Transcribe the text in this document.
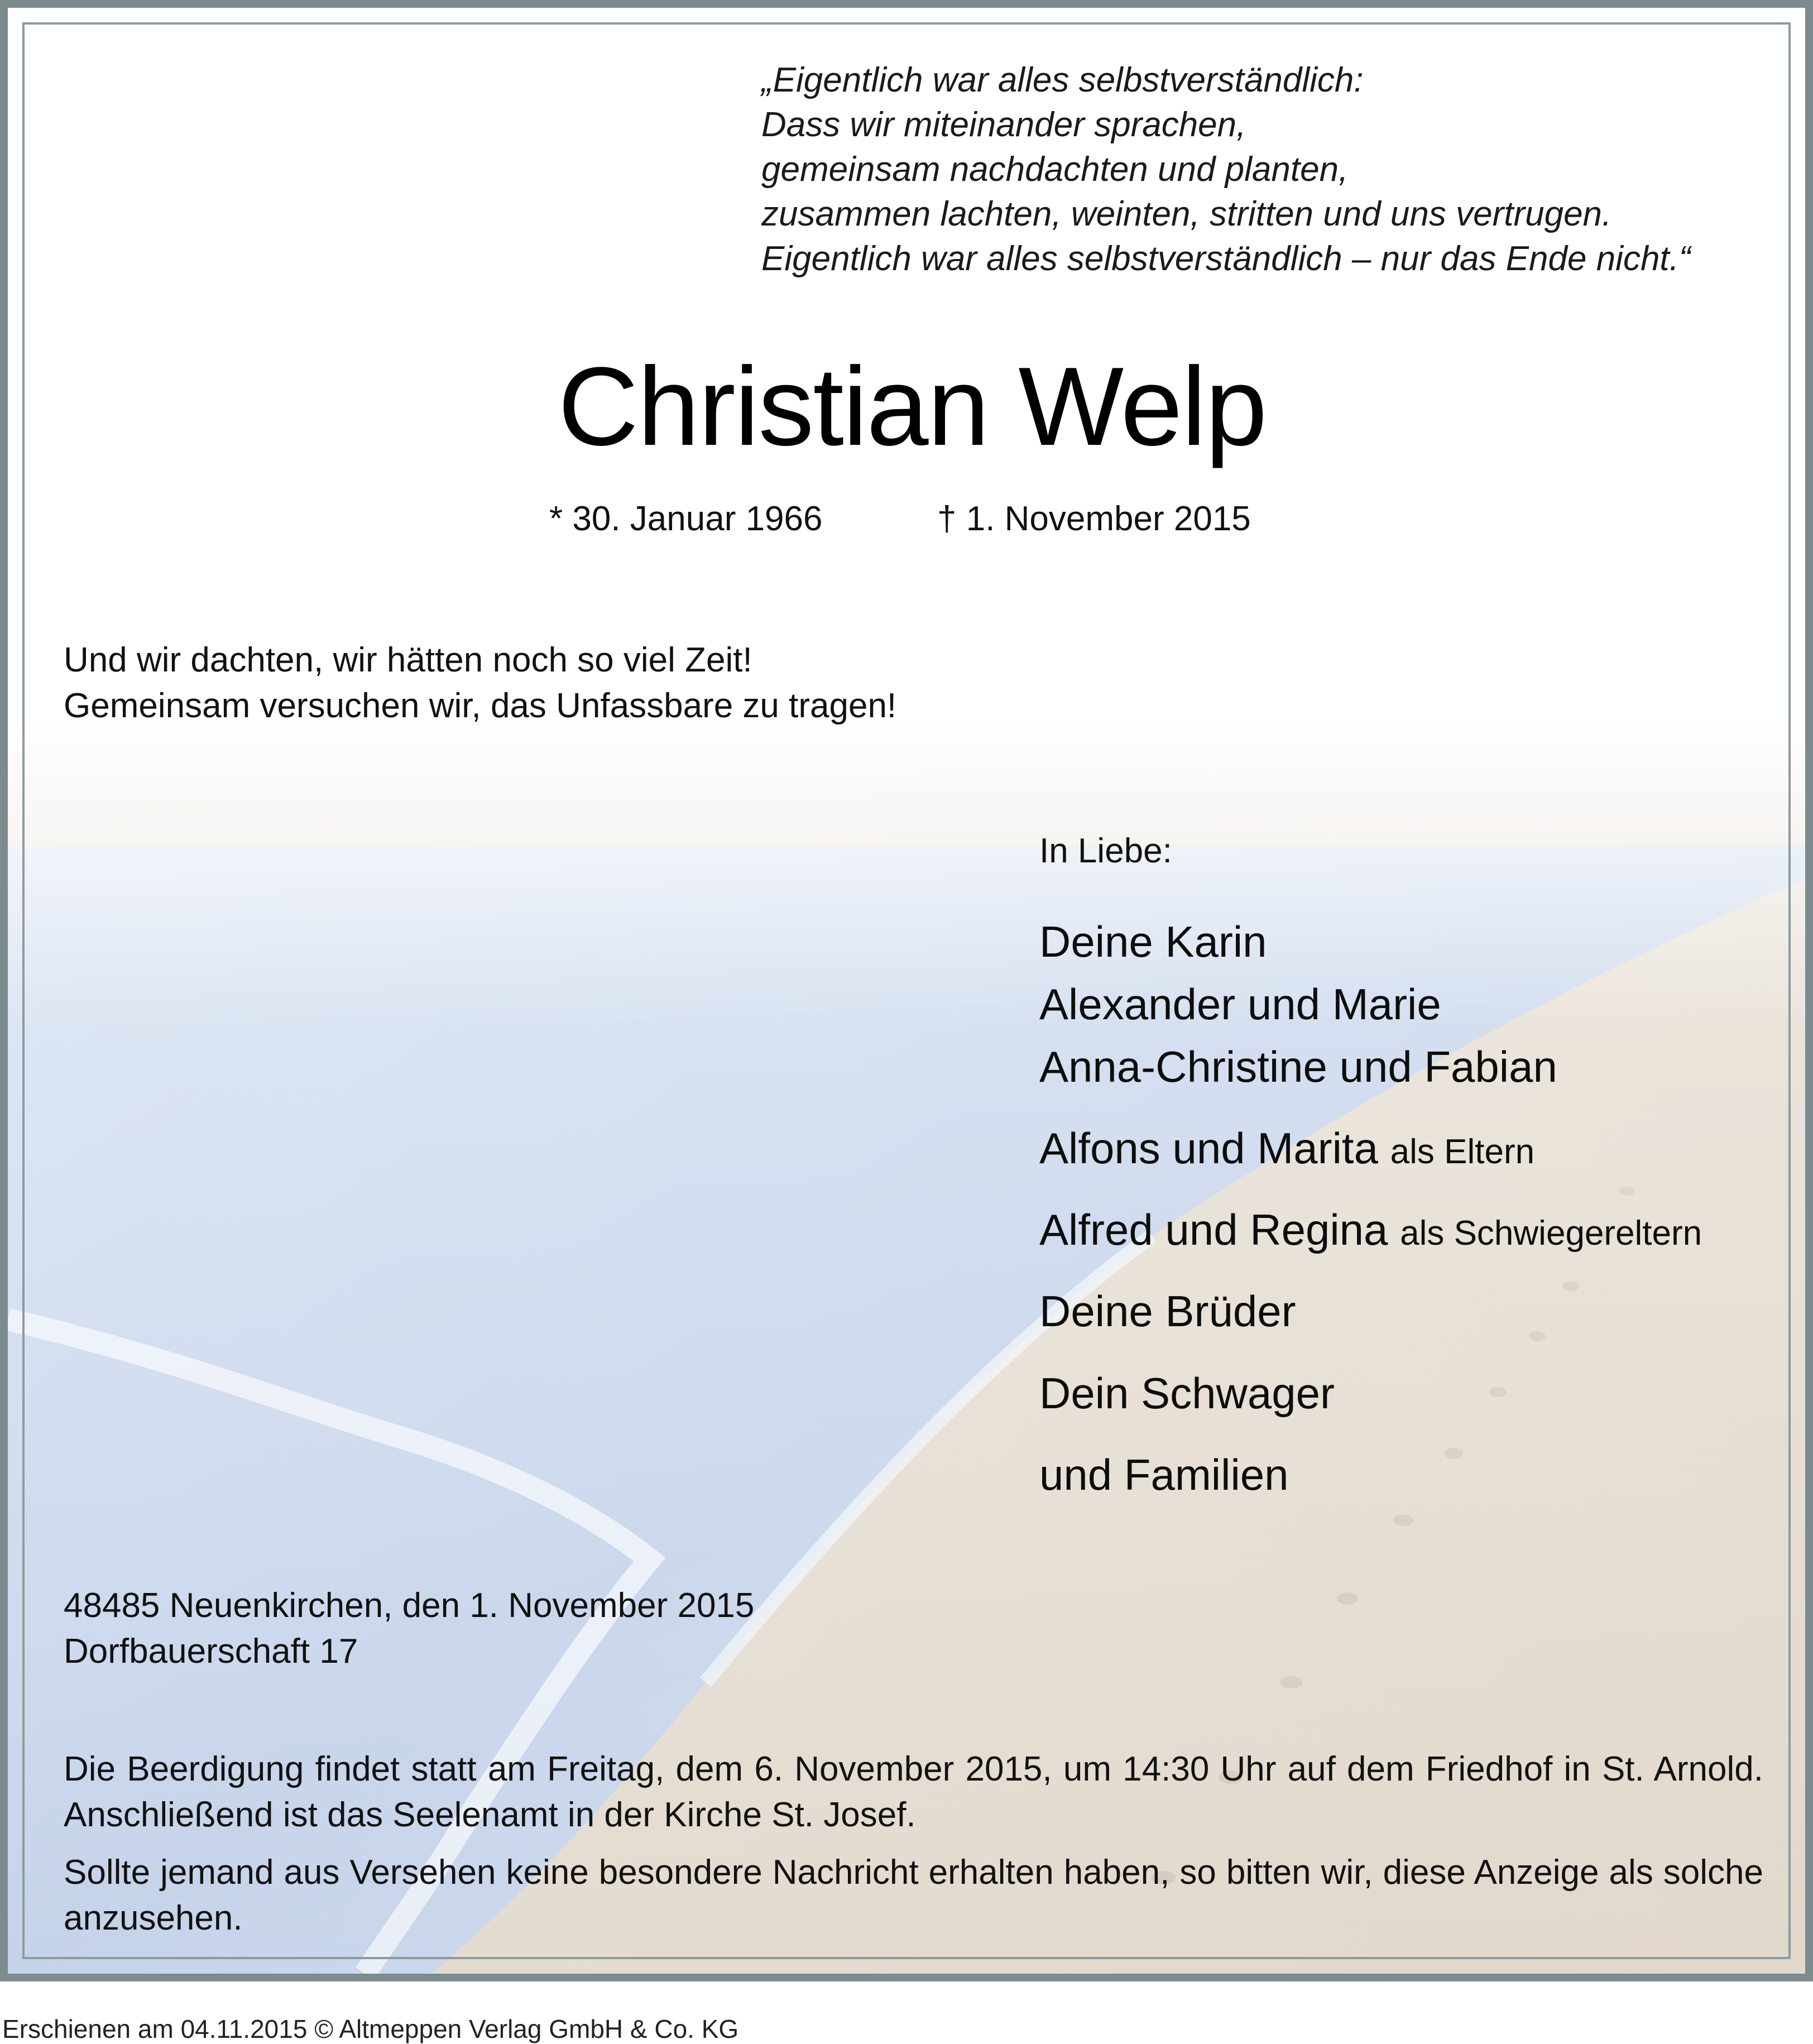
„Eigentlich war alles selbstverständlich:
Dass wir miteinander sprachen,
gemeinsam nachdachten und planten,
zusammen lachten, weinten, stritten und uns vertrugen.
Eigentlich war alles selbstverständlich – nur das Ende nicht.“
Christian Welp
* 30. Januar 1966	† 1. November 2015
Und wir dachten, wir hätten noch so viel Zeit!
Gemeinsam versuchen wir, das Unfassbare zu tragen!
In Liebe:
Deine Karin
Alexander und Marie
Anna-Christine und Fabian
Alfons und Marita als Eltern
Alfred und Regina als Schwiegereltern
Deine Brüder
Dein Schwager
und Familien
48485 Neuenkirchen, den 1. November 2015
Dorfbauerschaft 17
Die Beerdigung findet statt am Freitag, dem 6. November 2015, um 14:30 Uhr auf dem Friedhof in St. Arnold. Anschließend ist das Seelenamt in der Kirche St. Josef.
Sollte jemand aus Versehen keine besondere Nachricht erhalten haben, so bitten wir, diese Anzeige als solche anzusehen.
Erschienen am 04.11.2015 © Altmeppen Verlag GmbH & Co. KG
